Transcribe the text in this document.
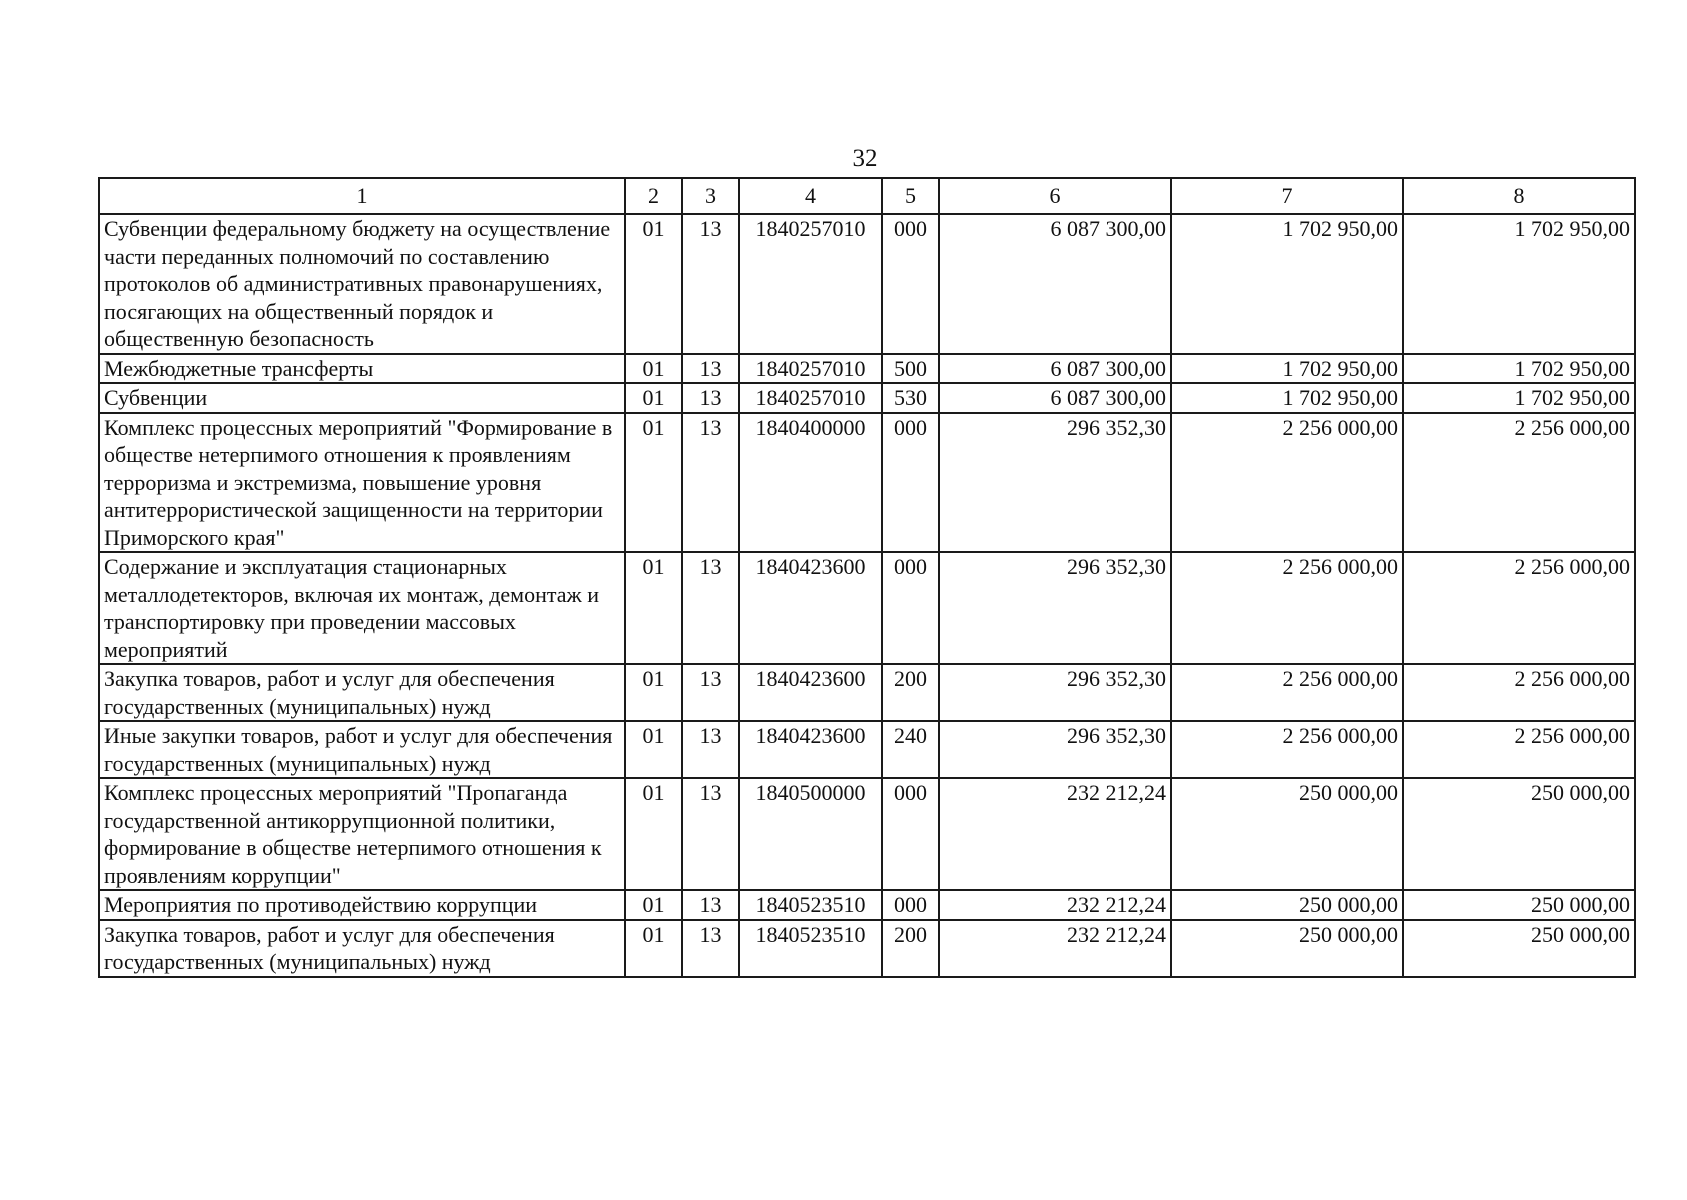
32
1	2	3	4	5	6	7	8
Субвенции федеральному бюджету на осуществление части переданных полномочий по составлению протоколов об административных правонарушениях, посягающих на общественный порядок и общественную безопасность	01	13	1840257010	000	6 087 300,00	1 702 950,00	1 702 950,00
Межбюджетные трансферты	01	13	1840257010	500	6 087 300,00	1 702 950,00	1 702 950,00
Субвенции	01	13	1840257010	530	6 087 300,00	1 702 950,00	1 702 950,00
Комплекс процессных мероприятий "Формирование в обществе нетерпимого отношения к проявлениям терроризма и экстремизма, повышение уровня антитеррористической защищенности на территории Приморского края"	01	13	1840400000	000	296 352,30	2 256 000,00	2 256 000,00
Содержание и эксплуатация стационарных металлодетекторов, включая их монтаж, демонтаж и транспортировку при проведении массовых мероприятий	01	13	1840423600	000	296 352,30	2 256 000,00	2 256 000,00
Закупка товаров, работ и услуг для обеспечения государственных (муниципальных) нужд	01	13	1840423600	200	296 352,30	2 256 000,00	2 256 000,00
Иные закупки товаров, работ и услуг для обеспечения государственных (муниципальных) нужд	01	13	1840423600	240	296 352,30	2 256 000,00	2 256 000,00
Комплекс процессных мероприятий "Пропаганда государственной антикоррупционной политики, формирование в обществе нетерпимого отношения к проявлениям коррупции"	01	13	1840500000	000	232 212,24	250 000,00	250 000,00
Мероприятия по противодействию коррупции	01	13	1840523510	000	232 212,24	250 000,00	250 000,00
Закупка товаров, работ и услуг для обеспечения государственных (муниципальных) нужд	01	13	1840523510	200	232 212,24	250 000,00	250 000,00
